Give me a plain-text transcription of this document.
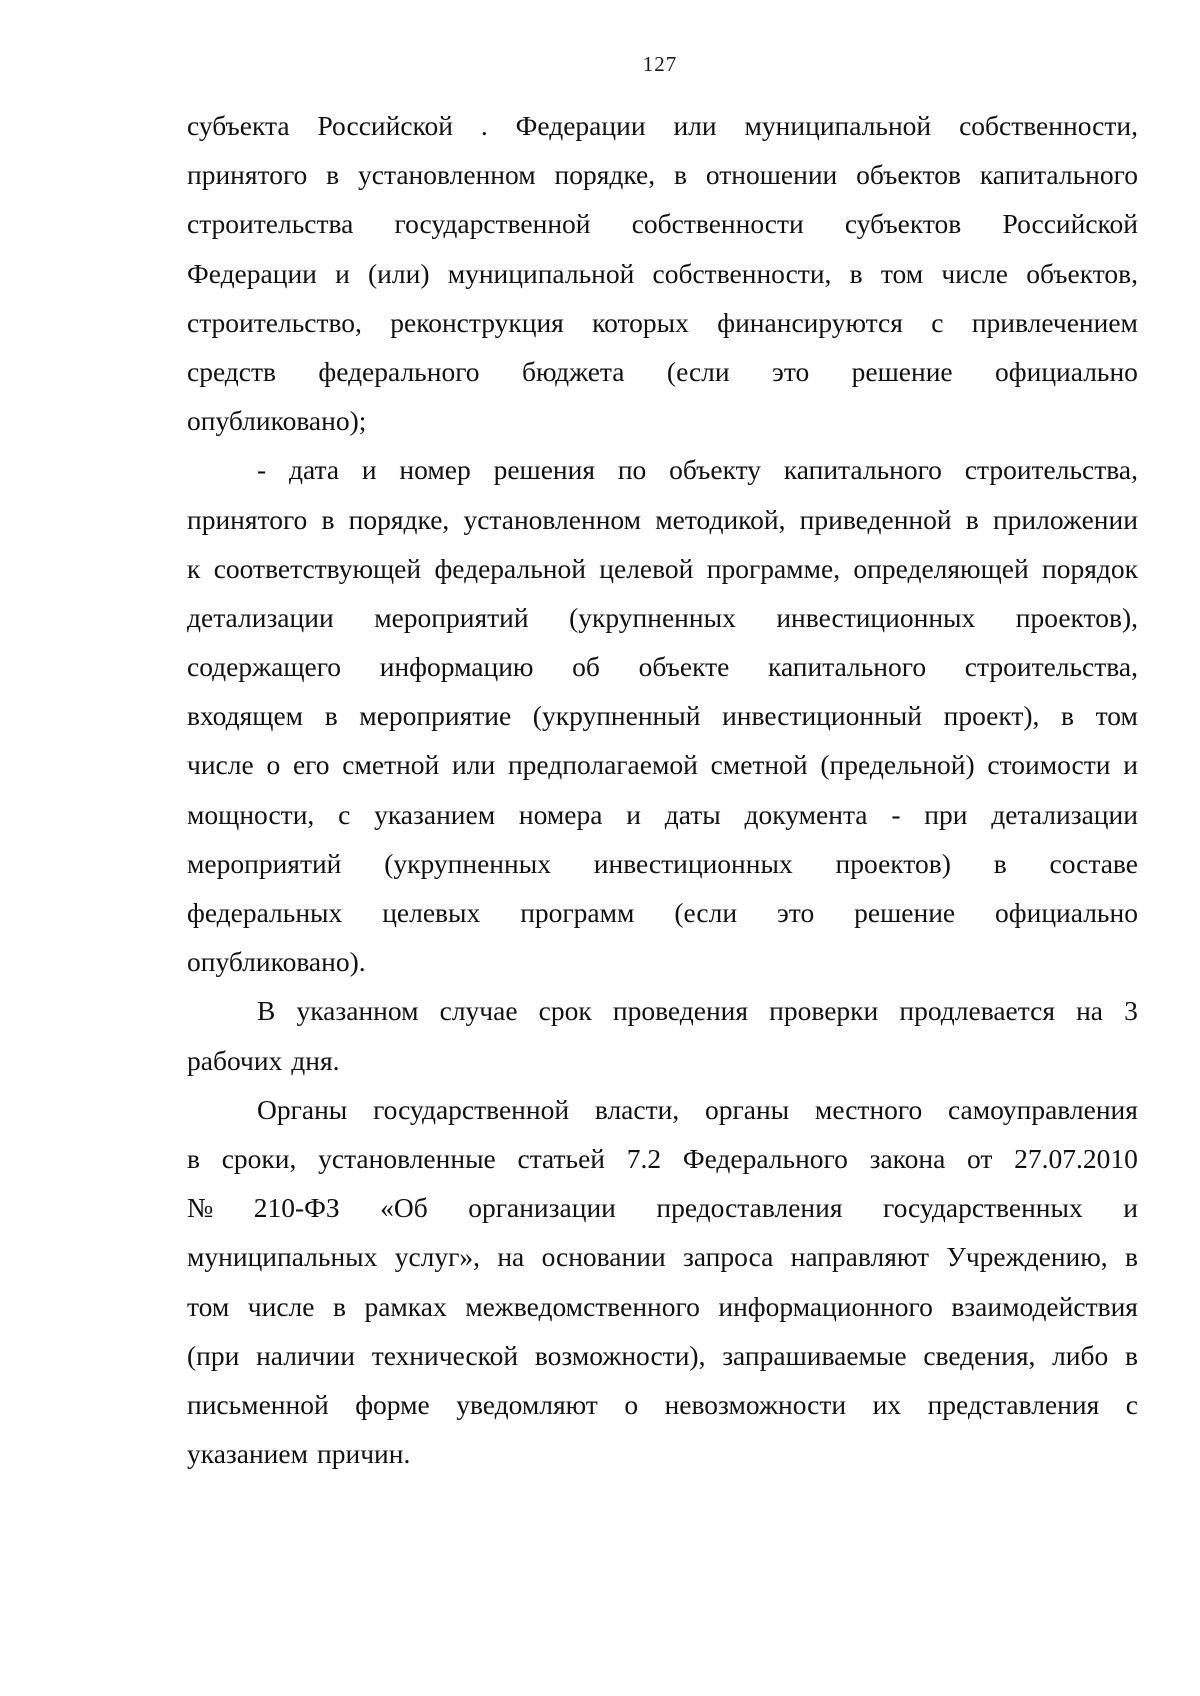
127
субъекта Российской . Федерации или муниципальной собственности,
принятого в установленном порядке, в отношении объектов капитального
строительства государственной собственности субъектов Российской
Федерации и (или) муниципальной собственности, в том числе объектов,
строительство, реконструкция которых финансируются с привлечением
средств федерального бюджета (если это решение официально
опубликовано);
- дата и номер решения по объекту капитального строительства,
принятого в порядке, установленном методикой, приведенной в приложении
к соответствующей федеральной целевой программе, определяющей порядок
детализации мероприятий (укрупненных инвестиционных проектов),
содержащего информацию об объекте капитального строительства,
входящем в мероприятие (укрупненный инвестиционный проект), в том
числе о его сметной или предполагаемой сметной (предельной) стоимости и
мощности, с указанием номера и даты документа - при детализации
мероприятий (укрупненных инвестиционных проектов) в составе
федеральных целевых программ (если это решение официально
опубликовано).
В указанном случае срок проведения проверки продлевается на 3
рабочих дня.
Органы государственной власти, органы местного самоуправления
в сроки, установленные статьей 7.2 Федерального закона от 27.07.2010
№ 210-ФЗ «Об организации предоставления государственных и
муниципальных услуг», на основании запроса направляют Учреждению, в
том числе в рамках межведомственного информационного взаимодействия
(при наличии технической возможности), запрашиваемые сведения, либо в
письменной форме уведомляют о невозможности их представления с
указанием причин.
